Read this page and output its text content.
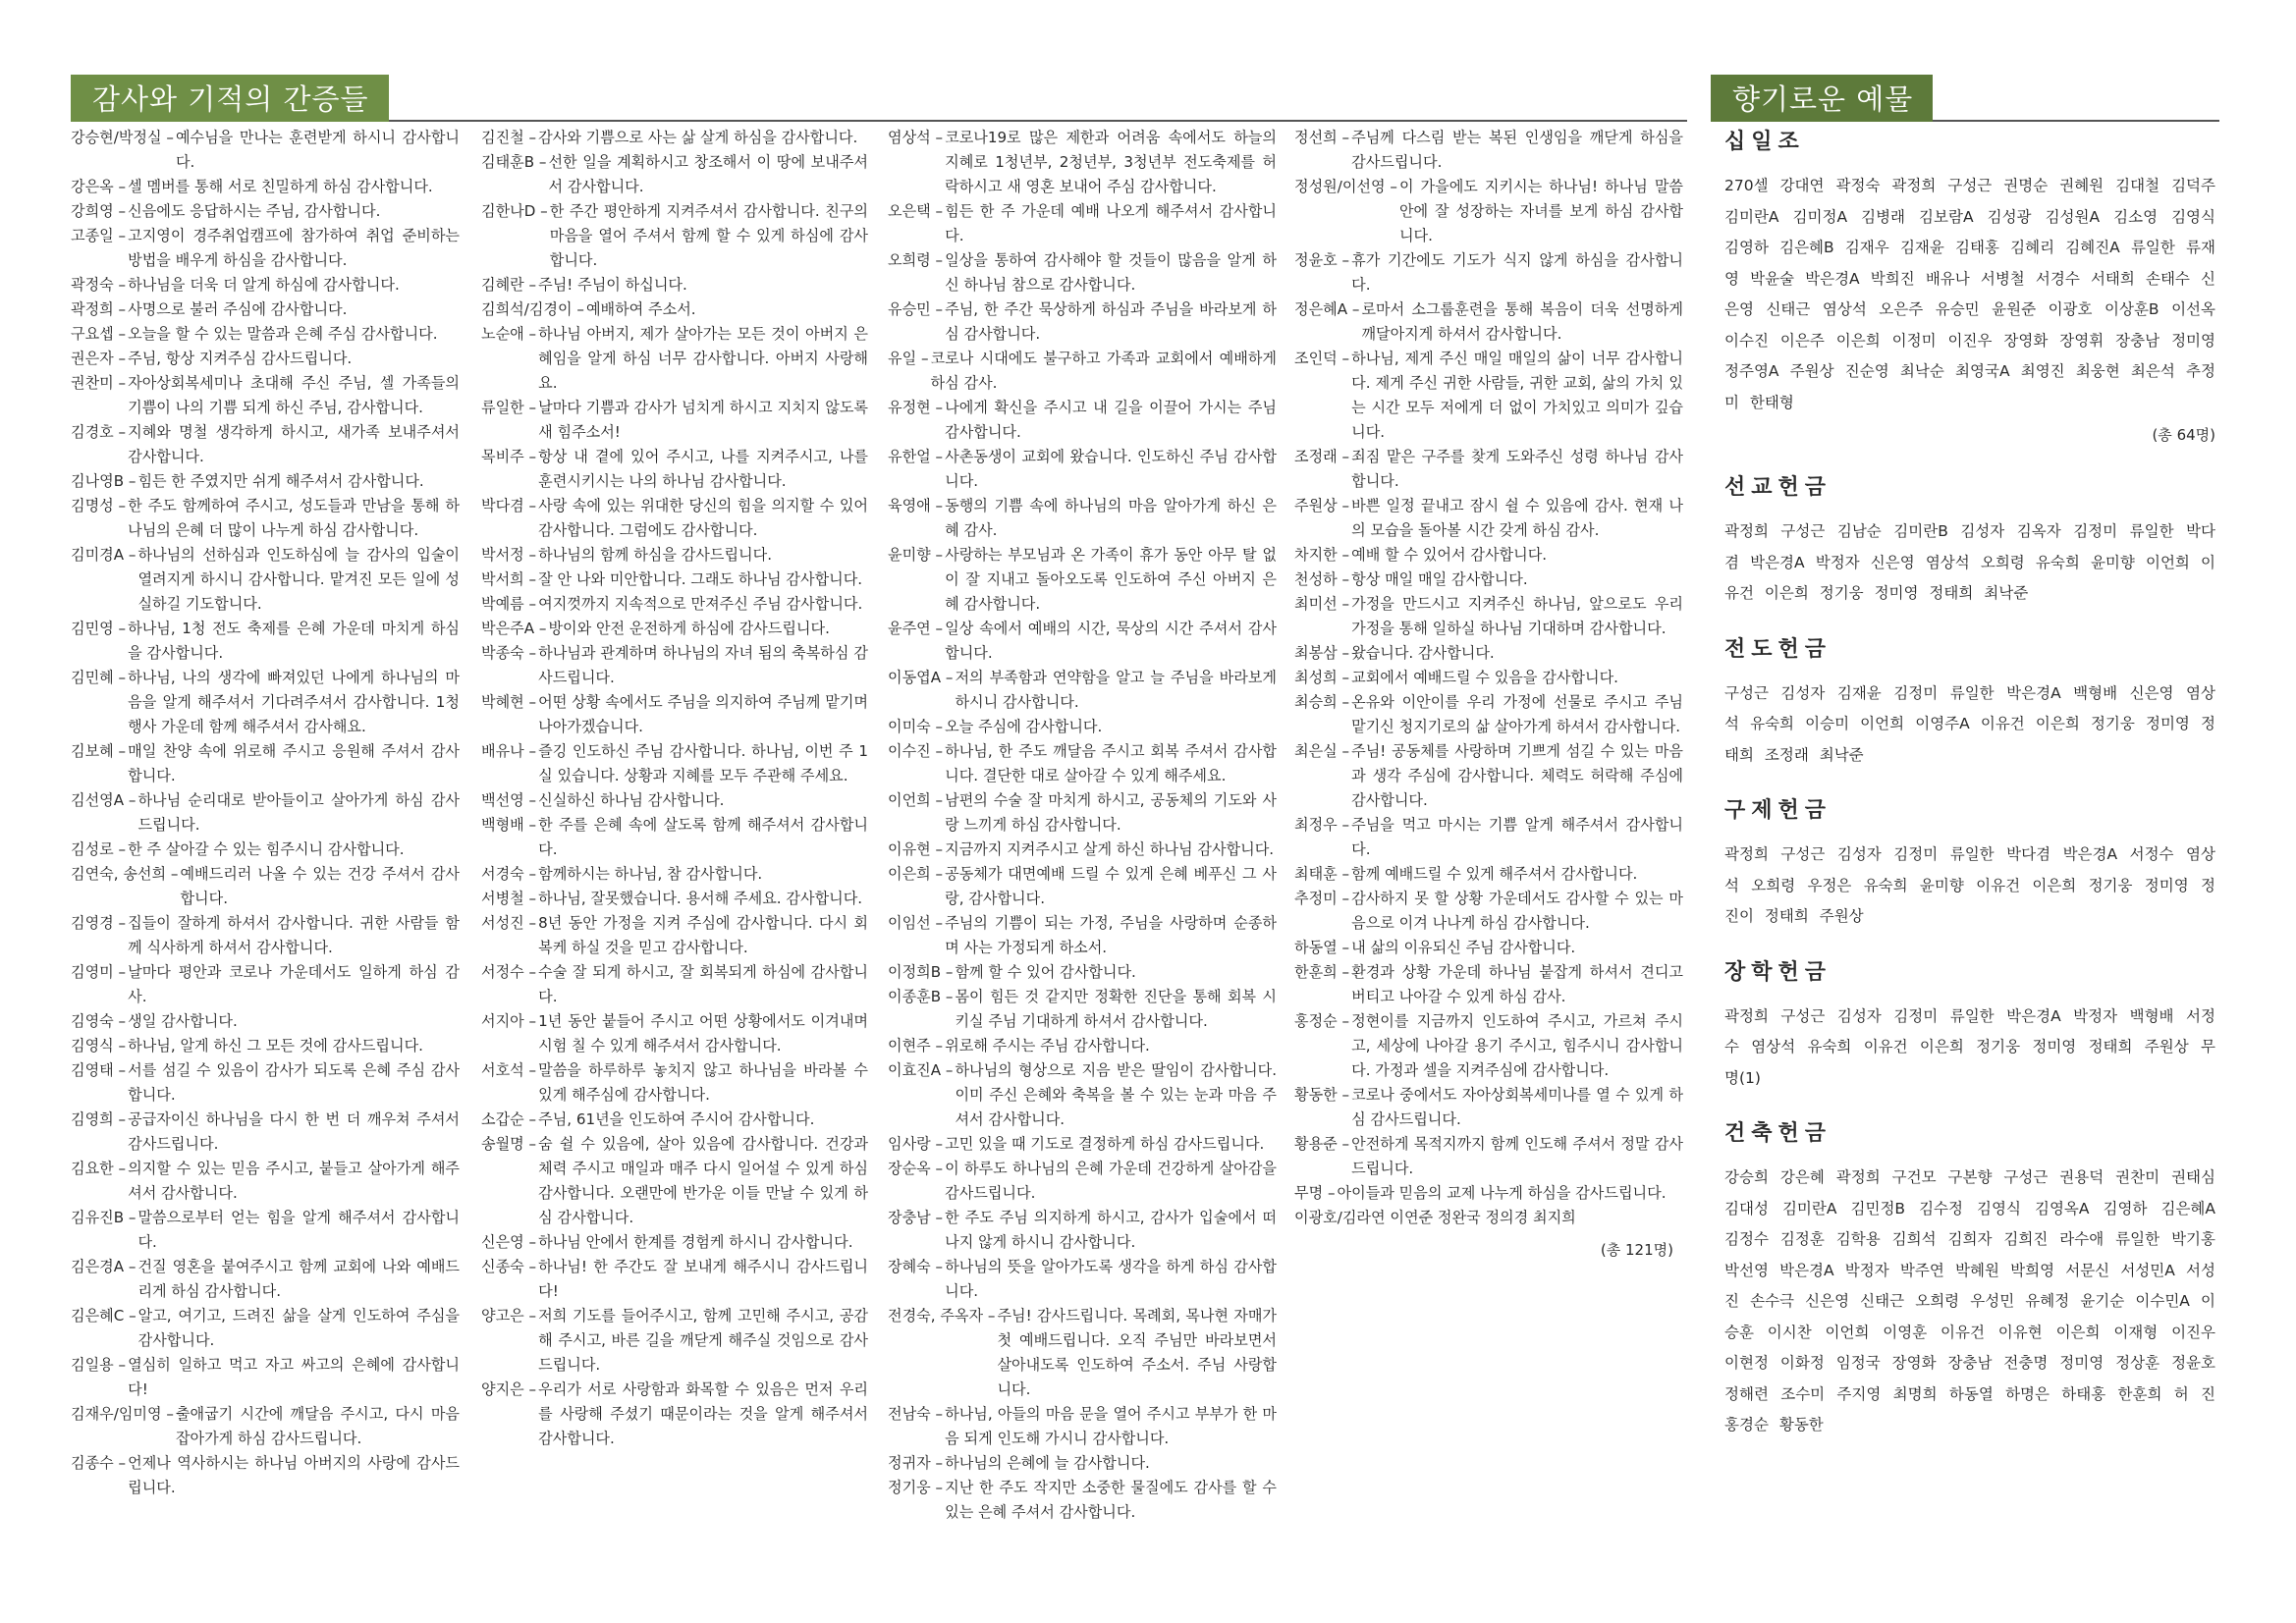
감사와 기적의 간증들	향기로운 예물
강승현/박정실 – 예수님을 만나는 훈련받게 하시니 감사합니다.
강은옥 – 셀 멤버를 통해 서로 친밀하게 하심 감사합니다.
강희영 – 신음에도 응답하시는 주님, 감사합니다.
고종일 – 고지영이 경주취업캠프에 참가하여 취업 준비하는 방법을 배우게 하심을 감사합니다.
곽정숙 – 하나님을 더욱 더 알게 하심에 감사합니다.
곽정희 – 사명으로 불러 주심에 감사합니다.
구요셉 – 오늘을 할 수 있는 말씀과 은혜 주심 감사합니다.
권은자 – 주님, 항상 지켜주심 감사드립니다.
권찬미 – 자아상회복세미나 초대해 주신 주님, 셀 가족들의 기쁨이 나의 기쁨 되게 하신 주님, 감사합니다.
김경호 – 지혜와 명철 생각하게 하시고, 새가족 보내주셔서 감사합니다.
김나영B – 힘든 한 주였지만 쉬게 해주셔서 감사합니다.
김명성 – 한 주도 함께하여 주시고, 성도들과 만남을 통해 하나님의 은혜 더 많이 나누게 하심 감사합니다.
김미경A – 하나님의 선하심과 인도하심에 늘 감사의 입술이 열려지게 하시니 감사합니다. 맡겨진 모든 일에 성실하길 기도합니다.
김민영 – 하나님, 1청 전도 축제를 은혜 가운데 마치게 하심을 감사합니다.
김민혜 – 하나님, 나의 생각에 빠져있던 나에게 하나님의 마음을 알게 해주셔서 기다려주셔서 감사합니다. 1청 행사 가운데 함께 해주셔서 감사해요.
김보혜 – 매일 찬양 속에 위로해 주시고 응원해 주셔서 감사합니다.
김선영A – 하나님 순리대로 받아들이고 살아가게 하심 감사드립니다.
김성로 – 한 주 살아갈 수 있는 힘주시니 감사합니다.
김연숙, 송선희 – 예배드리러 나올 수 있는 건강 주셔서 감사합니다.
김영경 – 집들이 잘하게 하셔서 감사합니다. 귀한 사람들 함께 식사하게 하셔서 감사합니다.
김영미 – 날마다 평안과 코로나 가운데서도 일하게 하심 감사.
김영숙 – 생일 감사합니다.
김영식 – 하나님, 알게 하신 그 모든 것에 감사드립니다.
김영태 – 서를 섬길 수 있음이 감사가 되도록 은혜 주심 감사합니다.
김영희 – 공급자이신 하나님을 다시 한 번 더 깨우쳐 주셔서 감사드립니다.
김요한 – 의지할 수 있는 믿음 주시고, 붙들고 살아가게 해주셔서 감사합니다.
김유진B – 말씀으로부터 얻는 힘을 알게 해주셔서 감사합니다.
김은경A – 건질 영혼을 붙여주시고 함께 교회에 나와 예배드리게 하심 감사합니다.
김은혜C – 알고, 여기고, 드려진 삶을 살게 인도하여 주심을 감사합니다.
김일용 – 열심히 일하고 먹고 자고 싸고의 은혜에 감사합니다!
김재우/임미영 – 출애굽기 시간에 깨달음 주시고, 다시 마음 잡아가게 하심 감사드립니다.
김종수 – 언제나 역사하시는 하나님 아버지의 사랑에 감사드립니다.
김진철 – 감사와 기쁨으로 사는 삶 살게 하심을 감사합니다.
김태훈B – 선한 일을 계획하시고 창조해서 이 땅에 보내주셔서 감사합니다.
김한나D – 한 주간 평안하게 지켜주셔서 감사합니다. 친구의 마음을 열어 주셔서 함께 할 수 있게 하심에 감사합니다.
김혜란 – 주님! 주님이 하십니다.
김희석/김경이 – 예배하여 주소서.
노순애 – 하나님 아버지, 제가 살아가는 모든 것이 아버지 은혜임을 알게 하심 너무 감사합니다. 아버지 사랑해요.
류일한 – 날마다 기쁨과 감사가 넘치게 하시고 지치지 않도록 새 힘주소서!
목비주 – 항상 내 곁에 있어 주시고, 나를 지켜주시고, 나를 훈련시키시는 나의 하나님 감사합니다.
박다겸 – 사랑 속에 있는 위대한 당신의 힘을 의지할 수 있어 감사합니다. 그럼에도 감사합니다.
박서정 – 하나님의 함께 하심을 감사드립니다.
박서희 – 잘 안 나와 미안합니다. 그래도 하나님 감사합니다.
박예름 – 여지껏까지 지속적으로 만져주신 주님 감사합니다.
박은주A – 방이와 안전 운전하게 하심에 감사드립니다.
박종숙 – 하나님과 관계하며 하나님의 자녀 됨의 축복하심 감사드립니다.
박혜현 – 어떤 상황 속에서도 주님을 의지하여 주님께 맡기며 나아가겠습니다.
배유나 – 즐깅 인도하신 주님 감사합니다. 하나님, 이번 주 1실 있습니다. 상황과 지혜를 모두 주관해 주세요.
백선영 – 신실하신 하나님 감사합니다.
백형배 – 한 주를 은혜 속에 살도록 함께 해주셔서 감사합니다.
서경숙 – 함께하시는 하나님, 참 감사합니다.
서병철 – 하나님, 잘못했습니다. 용서해 주세요. 감사합니다.
서성진 – 8년 동안 가정을 지켜 주심에 감사합니다. 다시 회복케 하실 것을 믿고 감사합니다.
서정수 – 수술 잘 되게 하시고, 잘 회복되게 하심에 감사합니다.
서지아 – 1년 동안 붙들어 주시고 어떤 상황에서도 이겨내며 시험 칠 수 있게 해주셔서 감사합니다.
서호석 – 말씀을 하루하루 놓치지 않고 하나님을 바라볼 수 있게 해주심에 감사합니다.
소갑순 – 주님, 61년을 인도하여 주시어 감사합니다.
송월명 – 숨 쉴 수 있음에, 살아 있음에 감사합니다. 건강과 체력 주시고 매일과 매주 다시 일어설 수 있게 하심 감사합니다. 오랜만에 반가운 이들 만날 수 있게 하심 감사합니다.
신은영 – 하나님 안에서 한계를 경험케 하시니 감사합니다.
신종숙 – 하나님! 한 주간도 잘 보내게 해주시니 감사드립니다!
양고은 – 저희 기도를 들어주시고, 함께 고민해 주시고, 공감해 주시고, 바른 길을 깨닫게 해주실 것임으로 감사드립니다.
양지은 – 우리가 서로 사랑함과 화목할 수 있음은 먼저 우리를 사랑해 주셨기 때문이라는 것을 알게 해주셔서 감사합니다.
염상석 – 코로나19로 많은 제한과 어려움 속에서도 하늘의 지혜로 1청년부, 2청년부, 3청년부 전도축제를 허락하시고 새 영혼 보내어 주심 감사합니다.
오은택 – 힘든 한 주 가운데 예배 나오게 해주셔서 감사합니다.
오희령 – 일상을 통하여 감사해야 할 것들이 많음을 알게 하신 하나님 참으로 감사합니다.
유승민 – 주님, 한 주간 묵상하게 하심과 주님을 바라보게 하심 감사합니다.
유일 – 코로나 시대에도 불구하고 가족과 교회에서 예배하게 하심 감사.
유정현 – 나에게 확신을 주시고 내 길을 이끌어 가시는 주님 감사합니다.
유한얼 – 사촌동생이 교회에 왔습니다. 인도하신 주님 감사합니다.
육영애 – 동행의 기쁨 속에 하나님의 마음 알아가게 하신 은혜 감사.
윤미향 – 사랑하는 부모님과 온 가족이 휴가 동안 아무 탈 없이 잘 지내고 돌아오도록 인도하여 주신 아버지 은혜 감사합니다.
윤주연 – 일상 속에서 예배의 시간, 묵상의 시간 주셔서 감사합니다.
이동엽A – 저의 부족함과 연약함을 알고 늘 주님을 바라보게 하시니 감사합니다.
이미숙 – 오늘 주심에 감사합니다.
이수진 – 하나님, 한 주도 깨달음 주시고 회복 주셔서 감사합니다. 결단한 대로 살아갈 수 있게 해주세요.
이언희 – 남편의 수술 잘 마치게 하시고, 공동체의 기도와 사랑 느끼게 하심 감사합니다.
이유현 – 지금까지 지켜주시고 살게 하신 하나님 감사합니다.
이은희 – 공동체가 대면예배 드릴 수 있게 은혜 베푸신 그 사랑, 감사합니다.
이임선 – 주님의 기쁨이 되는 가정, 주님을 사랑하며 순종하며 사는 가정되게 하소서.
이정희B – 함께 할 수 있어 감사합니다.
이종훈B – 몸이 힘든 것 같지만 정확한 진단을 통해 회복 시키실 주님 기대하게 하셔서 감사합니다.
이현주 – 위로해 주시는 주님 감사합니다.
이효진A – 하나님의 형상으로 지음 받은 딸임이 감사합니다. 이미 주신 은혜와 축복을 볼 수 있는 눈과 마음 주셔서 감사합니다.
임사랑 – 고민 있을 때 기도로 결정하게 하심 감사드립니다.
장순옥 – 이 하루도 하나님의 은혜 가운데 건강하게 살아감을 감사드립니다.
장충남 – 한 주도 주님 의지하게 하시고, 감사가 입술에서 떠나지 않게 하시니 감사합니다.
장혜숙 – 하나님의 뜻을 알아가도록 생각을 하게 하심 감사합니다.
전경숙, 주옥자 – 주님! 감사드립니다. 목례회, 목나현 자매가 첫 예배드립니다. 오직 주님만 바라보면서 살아내도록 인도하여 주소서. 주님 사랑합니다.
전남숙 – 하나님, 아들의 마음 문을 열어 주시고 부부가 한 마음 되게 인도해 가시니 감사합니다.
정귀자 – 하나님의 은혜에 늘 감사합니다.
정기웅 – 지난 한 주도 작지만 소중한 물질에도 감사를 할 수 있는 은혜 주셔서 감사합니다.
정선희 – 주님께 다스림 받는 복된 인생임을 깨닫게 하심을 감사드립니다.
정성원/이선영 – 이 가을에도 지키시는 하나님! 하나님 말씀 안에 잘 성장하는 자녀를 보게 하심 감사합니다.
정윤호 – 휴가 기간에도 기도가 식지 않게 하심을 감사합니다.
정은혜A – 로마서 소그룹훈련을 통해 복음이 더욱 선명하게 깨달아지게 하셔서 감사합니다.
조인덕 – 하나님, 제게 주신 매일 매일의 삶이 너무 감사합니다. 제게 주신 귀한 사람들, 귀한 교회, 삶의 가치 있는 시간 모두 저에게 더 없이 가치있고 의미가 깊습니다.
조정래 – 죄짐 맡은 구주를 찾게 도와주신 성령 하나님 감사합니다.
주원상 – 바쁜 일정 끝내고 잠시 쉴 수 있음에 감사. 현재 나의 모습을 돌아볼 시간 갖게 하심 감사.
차지한 – 예배 할 수 있어서 감사합니다.
천성하 – 항상 매일 매일 감사합니다.
최미선 – 가정을 만드시고 지켜주신 하나님, 앞으로도 우리 가정을 통해 일하실 하나님 기대하며 감사합니다.
최봉삼 – 왔습니다. 감사합니다.
최성희 – 교회에서 예배드릴 수 있음을 감사합니다.
최승희 – 온유와 이안이를 우리 가정에 선물로 주시고 주님 맡기신 청지기로의 삶 살아가게 하셔서 감사합니다.
최은실 – 주님! 공동체를 사랑하며 기쁘게 섬길 수 있는 마음과 생각 주심에 감사합니다. 체력도 허락해 주심에 감사합니다.
최정우 – 주님을 먹고 마시는 기쁨 알게 해주셔서 감사합니다.
최태훈 – 함께 예배드릴 수 있게 해주셔서 감사합니다.
추정미 – 감사하지 못 할 상황 가운데서도 감사할 수 있는 마음으로 이겨 나나게 하심 감사합니다.
하동열 – 내 삶의 이유되신 주님 감사합니다.
한훈희 – 환경과 상황 가운데 하나님 붙잡게 하셔서 견디고 버티고 나아갈 수 있게 하심 감사.
홍정순 – 정현이를 지금까지 인도하여 주시고, 가르쳐 주시고, 세상에 나아갈 용기 주시고, 힘주시니 감사합니다. 가정과 셀을 지켜주심에 감사합니다.
황동한 – 코로나 중에서도 자아상회복세미나를 열 수 있게 하심 감사드립니다.
황용준 – 안전하게 목적지까지 함께 인도해 주셔서 정말 감사드립니다.
무명 – 아이들과 믿음의 교제 나누게 하심을 감사드립니다.
이광호/김라연 이연준 정완국 정의경 최지희
(총 121명)
십일조
270셀 강대연 곽정숙 곽정희 구성근 권명순 권혜원 김대철 김덕주 김미란A 김미정A 김병래 김보람A 김성광 김성원A 김소영 김영식 김영하 김은혜B 김재우 김재윤 김태홍 김혜리 김혜진A 류일한 류재영 박윤술 박은경A 박희진 배유나 서병철 서경수 서태희 손태수 신은영 신태근 염상석 오은주 유승민 윤원준 이광호 이상훈B 이선옥 이수진 이은주 이은희 이정미 이진우 장영화 장영휘 장충남 정미영 정주영A 주원상 진순영 최낙순 최영국A 최영진 최웅현 최은석 추정미 한태형
(총 64명)
선교헌금
곽정희 구성근 김남순 김미란B 김성자 김옥자 김정미 류일한 박다겸 박은경A 박정자 신은영 염상석 오희령 유숙희 윤미향 이언희 이유건 이은희 정기웅 정미영 정태희 최낙준
전도헌금
구성근 김성자 김재윤 김정미 류일한 박은경A 백형배 신은영 염상석 유숙희 이승미 이언희 이영주A 이유건 이은희 정기웅 정미영 정태희 조정래 최낙준
구제헌금
곽정희 구성근 김성자 김정미 류일한 박다겸 박은경A 서정수 염상석 오희령 우정은 유숙희 윤미향 이유건 이은희 정기웅 정미영 정진이 정태희 주원상
장학헌금
곽정희 구성근 김성자 김정미 류일한 박은경A 박정자 백형배 서정수 염상석 유숙희 이유건 이은희 정기웅 정미영 정태희 주원상 무명(1)
건축헌금
강승희 강은혜 곽정희 구건모 구본향 구성근 권용덕 권찬미 권태심 김대성 김미란A 김민정B 김수정 김영식 김영옥A 김영하 김은혜A 김정수 김정훈 김학용 김희석 김희자 김희진 라수애 류일한 박기홍 박선영 박은경A 박정자 박주연 박혜원 박희영 서문신 서성민A 서성진 손수극 신은영 신태근 오희령 우성민 유혜정 윤기순 이수민A 이승훈 이시찬 이언희 이영훈 이유건 이유현 이은희 이재형 이진우 이현정 이화정 임정국 장영화 장충남 전충명 정미영 정상훈 정윤호 정해련 조수미 주지영 최명희 하동열 하명은 하태홍 한훈희 허 진 홍경순 황동한
